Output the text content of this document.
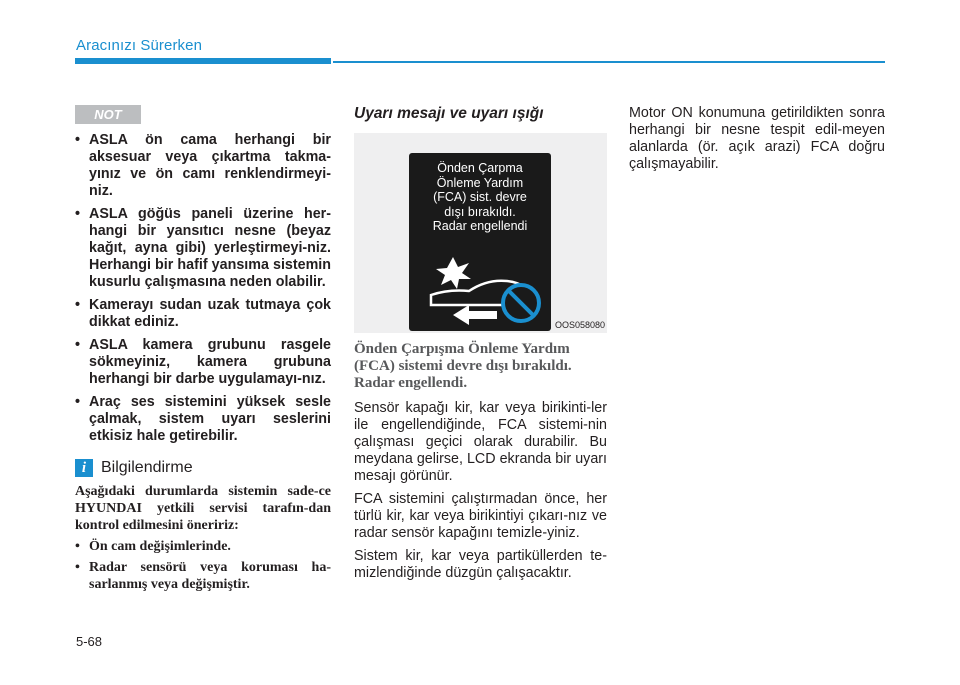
Aracınızı Sürerken
NOT
• ASLA ön cama herhangi bir aksesuar veya çıkartma takma-yınız ve ön camı renklendirmeyi-niz.
• ASLA göğüs paneli üzerine her-hangi bir yansıtıcı nesne (beyaz kağıt, ayna gibi) yerleştirmeyi-niz. Herhangi bir hafif yansıma sistemin kusurlu çalışmasına neden olabilir.
• Kamerayı sudan uzak tutmaya çok dikkat ediniz.
• ASLA kamera grubunu rasgele sökmeyiniz, kamera grubuna herhangi bir darbe uygulamayı-nız.
• Araç ses sistemini yüksek sesle çalmak, sistem uyarı seslerini etkisiz hale getirebilir.
i Bilgilendirme

Aşağıdaki durumlarda sistemin sade-ce HYUNDAI yetkili servisi tarafın-dan kontrol edilmesini öneririz:

• Ön cam değişimlerinde.
• Radar sensörü veya koruması ha-sarlanmış veya değişmiştir.
Uyarı mesajı ve uyarı ışığı
Önden Çarpma
Önleme Yardım
(FCA) sist. devre
dışı bırakıldı.
Radar engellendi
OOS058080
Önden Çarpışma Önleme Yardım (FCA) sistemi devre dışı bırakıldı. Radar engellendi.

Sensör kapağı kir, kar veya birikinti-ler ile engellendiğinde, FCA sistemi-nin çalışması geçici olarak durabilir. Bu meydana gelirse, LCD ekranda bir uyarı mesajı görünür.

FCA sistemini çalıştırmadan önce, her türlü kir, kar veya birikintiyi çıkarı-nız ve radar sensör kapağını temizle-yiniz.

Sistem kir, kar veya partiküllerden te-mizlendiğinde düzgün çalışacaktır.

Motor ON konumuna getirildikten sonra herhangi bir nesne tespit edil-meyen alanlarda (ör. açık arazi) FCA doğru çalışmayabilir.

5-68
